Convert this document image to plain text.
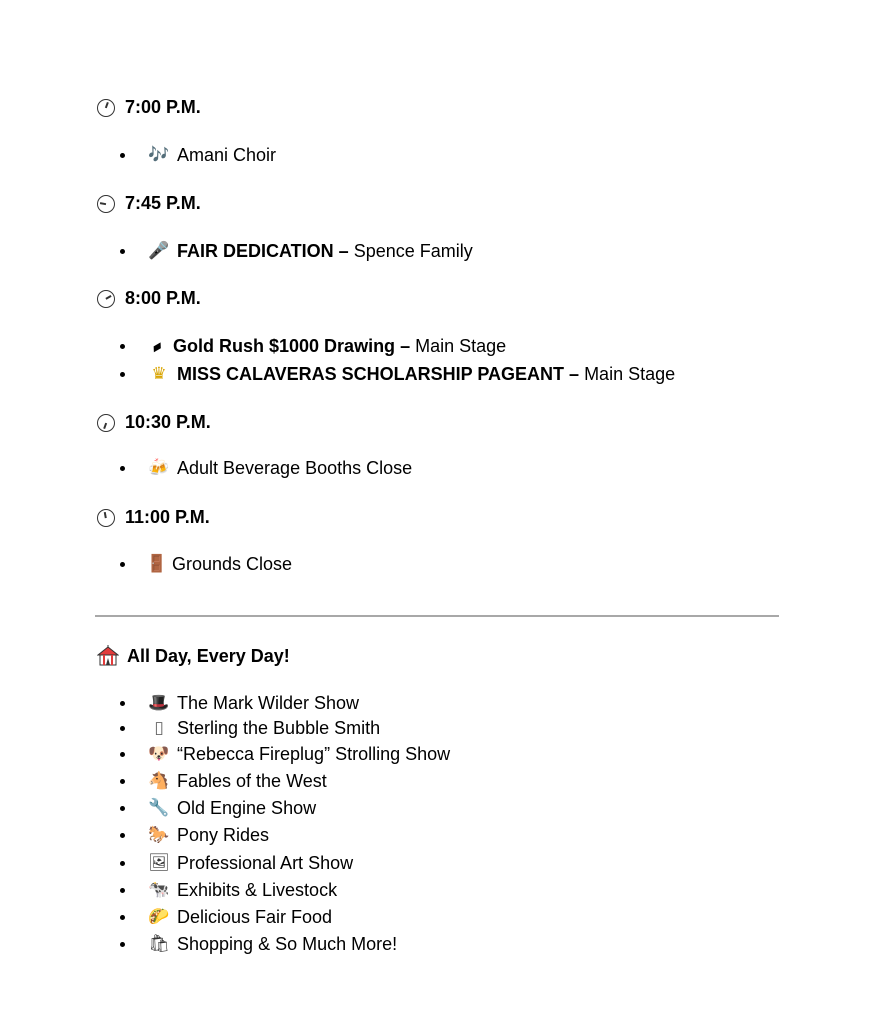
7:00 P.M.
🎶 Amani Choir
7:45 P.M.
🎤 FAIR DEDICATION – Spence Family
8:00 P.M.
▰ Gold Rush $1000 Drawing – Main Stage
♛ MISS CALAVERAS SCHOLARSHIP PAGEANT – Main Stage
10:30 P.M.
🍻 Adult Beverage Booths Close
11:00 P.M.
🚪 Grounds Close
All Day, Every Day!
🎩 The Mark Wilder Show
▯ Sterling the Bubble Smith
🐶 “Rebecca Fireplug” Strolling Show
🐴 Fables of the West
🔧 Old Engine Show
🐎 Pony Rides
🖼 Professional Art Show
🐄 Exhibits & Livestock
🌮 Delicious Fair Food
🛍 Shopping & So Much More!
